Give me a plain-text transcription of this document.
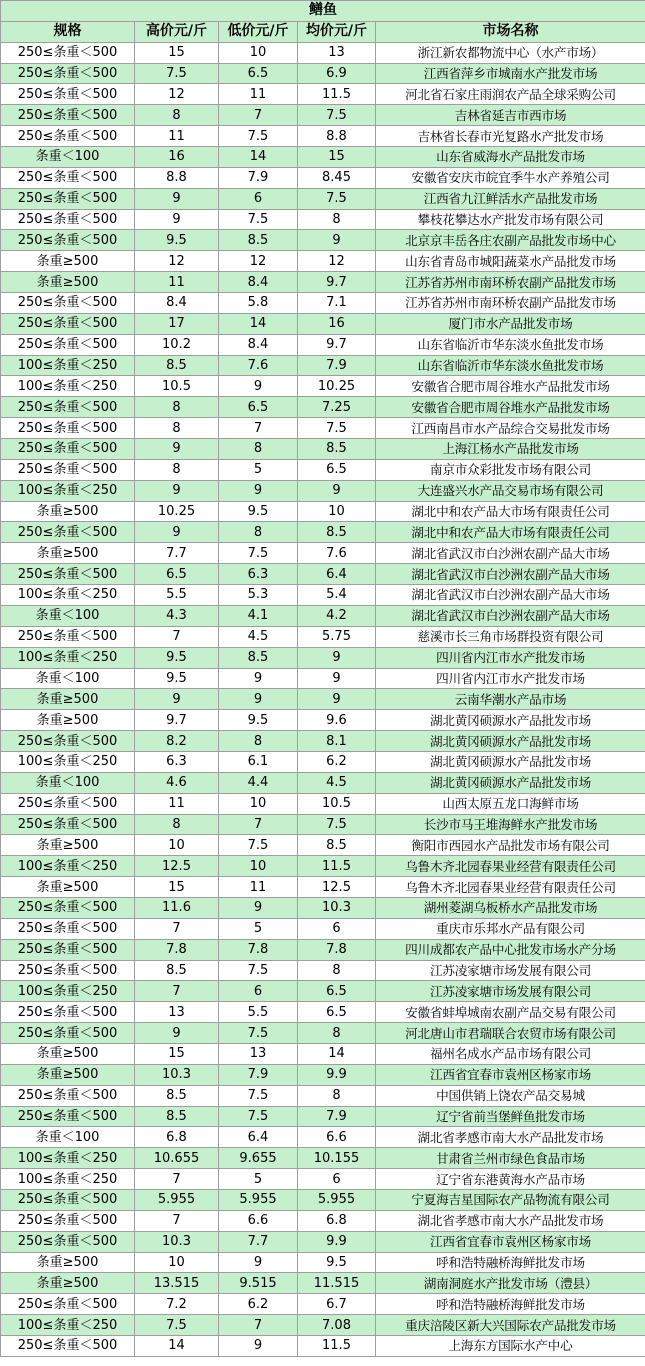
鳝鱼				
规格	高价元/斤	低价元/斤	均价元/斤	市场名称
250≤条重＜500	15	10	13	浙江新农都物流中心（水产市场）
250≤条重＜500	7.5	6.5	6.9	江西省萍乡市城南水产批发市场
250≤条重＜500	12	11	11.5	河北省石家庄雨润农产品全球采购公司
250≤条重＜500	8	7	7.5	吉林省延吉市西市场
250≤条重＜500	11	7.5	8.8	吉林省长春市光复路水产批发市场
条重＜100	16	14	15	山东省威海水产品批发市场
250≤条重＜500	8.8	7.9	8.45	安徽省安庆市皖宜季牛水产养殖公司
250≤条重＜500	9	6	7.5	江西省九江鲜活水产品批发市场
250≤条重＜500	9	7.5	8	攀枝花攀达水产批发市场有限公司
250≤条重＜500	9.5	8.5	9	北京京丰岳各庄农副产品批发市场中心
条重≥500	12	12	12	山东省青岛市城阳蔬菜水产品批发市场
条重≥500	11	8.4	9.7	江苏省苏州市南环桥农副产品批发市场
250≤条重＜500	8.4	5.8	7.1	江苏省苏州市南环桥农副产品批发市场
250≤条重＜500	17	14	16	厦门市水产品批发市场
250≤条重＜500	10.2	8.4	9.7	山东省临沂市华东淡水鱼批发市场
100≤条重＜250	8.5	7.6	7.9	山东省临沂市华东淡水鱼批发市场
100≤条重＜250	10.5	9	10.25	安徽省合肥市周谷堆水产品批发市场
250≤条重＜500	8	6.5	7.25	安徽省合肥市周谷堆水产品批发市场
250≤条重＜500	8	7	7.5	江西南昌市水产品综合交易批发市场
250≤条重＜500	9	8	8.5	上海江杨水产品批发市场
250≤条重＜500	8	5	6.5	南京市众彩批发市场有限公司
100≤条重＜250	9	9	9	大连盛兴水产品交易市场有限公司
条重≥500	10.25	9.5	10	湖北中和农产品大市场有限责任公司
250≤条重＜500	9	8	8.5	湖北中和农产品大市场有限责任公司
条重≥500	7.7	7.5	7.6	湖北省武汉市白沙洲农副产品大市场
250≤条重＜500	6.5	6.3	6.4	湖北省武汉市白沙洲农副产品大市场
100≤条重＜250	5.5	5.3	5.4	湖北省武汉市白沙洲农副产品大市场
条重＜100	4.3	4.1	4.2	湖北省武汉市白沙洲农副产品大市场
250≤条重＜500	7	4.5	5.75	慈溪市长三角市场群投资有限公司
100≤条重＜250	9.5	8.5	9	四川省内江市水产批发市场
条重＜100	9.5	9	9	四川省内江市水产批发市场
条重≥500	9	9	9	云南华潮水产品市场
条重≥500	9.7	9.5	9.6	湖北黄冈硕源水产品批发市场
250≤条重＜500	8.2	8	8.1	湖北黄冈硕源水产品批发市场
100≤条重＜250	6.3	6.1	6.2	湖北黄冈硕源水产品批发市场
条重＜100	4.6	4.4	4.5	湖北黄冈硕源水产品批发市场
250≤条重＜500	11	10	10.5	山西太原五龙口海鲜市场
250≤条重＜500	8	7	7.5	长沙市马王堆海鲜水产批发市场
条重≥500	10	7.5	8.5	衡阳市西园水产品批发市场有限公司
100≤条重＜250	12.5	10	11.5	乌鲁木齐北园春果业经营有限责任公司
条重≥500	15	11	12.5	乌鲁木齐北园春果业经营有限责任公司
250≤条重＜500	11.6	9	10.3	湖州菱湖乌板桥水产品批发市场
250≤条重＜500	7	5	6	重庆市乐邦水产品有限公司
250≤条重＜500	7.8	7.8	7.8	四川成都农产品中心批发市场水产分场
250≤条重＜500	8.5	7.5	8	江苏凌家塘市场发展有限公司
100≤条重＜250	7	6	6.5	江苏凌家塘市场发展有限公司
250≤条重＜500	13	5.5	6.5	安徽省蚌埠城南农副产品交易有限公司
250≤条重＜500	9	7.5	8	河北唐山市君瑞联合农贸市场有限公司
条重≥500	15	13	14	福州名成水产品市场有限公司
条重≥500	10.3	7.9	9.9	江西省宜春市袁州区杨家市场
250≤条重＜500	8.5	7.5	8	中国供销上饶农产品交易城
250≤条重＜500	8.5	7.5	7.9	辽宁省前当堡鲜鱼批发市场
条重＜100	6.8	6.4	6.6	湖北省孝感市南大水产品批发市场
100≤条重＜250	10.655	9.655	10.155	甘肃省兰州市绿色食品市场
100≤条重＜250	7	5	6	辽宁省东港黄海水产品市场
250≤条重＜500	5.955	5.955	5.955	宁夏海吉星国际农产品物流有限公司
250≤条重＜500	7	6.6	6.8	湖北省孝感市南大水产品批发市场
250≤条重＜500	10.3	7.7	9.9	江西省宜春市袁州区杨家市场
条重≥500	10	9	9.5	呼和浩特融桥海鲜批发市场
条重≥500	13.515	9.515	11.515	湖南洞庭水产批发市场（澧县）
250≤条重＜500	7.2	6.2	6.7	呼和浩特融桥海鲜批发市场
100≤条重＜250	7.5	7	7.08	重庆涪陵区新大兴国际农产品批发市场
250≤条重＜500	14	9	11.5	上海东方国际水产中心
